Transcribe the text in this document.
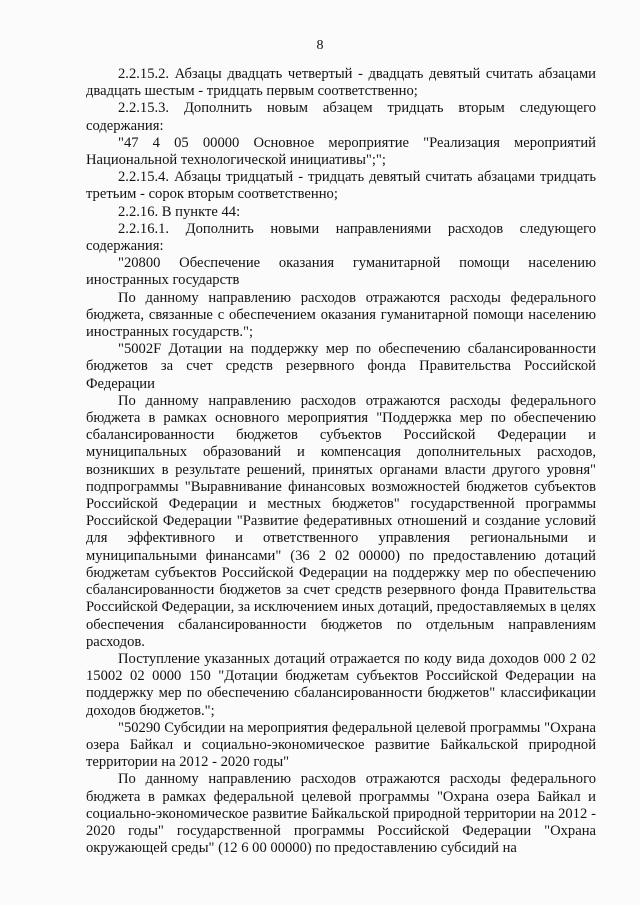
8

2.2.15.2. Абзацы двадцать четвертый - двадцать девятый считать абзацами двадцать шестым - тридцать первым соответственно;

2.2.15.3. Дополнить новым абзацем тридцать вторым следующего содержания:

"47 4 05 00000 Основное мероприятие "Реализация мероприятий Национальной технологической инициативы";";

2.2.15.4. Абзацы тридцатый - тридцать девятый считать абзацами тридцать третьим - сорок вторым соответственно;

2.2.16. В пункте 44:

2.2.16.1. Дополнить новыми направлениями расходов следующего содержания:

"20800 Обеспечение оказания гуманитарной помощи населению иностранных государств

По данному направлению расходов отражаются расходы федерального бюджета, связанные с обеспечением оказания гуманитарной помощи населению иностранных государств.";

"5002F Дотации на поддержку мер по обеспечению сбалансированности бюджетов за счет средств резервного фонда Правительства Российской Федерации

По данному направлению расходов отражаются расходы федерального бюджета в рамках основного мероприятия "Поддержка мер по обеспечению сбалансированности бюджетов субъектов Российской Федерации и муниципальных образований и компенсация дополнительных расходов, возникших в результате решений, принятых органами власти другого уровня" подпрограммы "Выравнивание финансовых возможностей бюджетов субъектов Российской Федерации и местных бюджетов" государственной программы Российской Федерации "Развитие федеративных отношений и создание условий для эффективного и ответственного управления региональными и муниципальными финансами" (36 2 02 00000) по предоставлению дотаций бюджетам субъектов Российской Федерации на поддержку мер по обеспечению сбалансированности бюджетов за счет средств резервного фонда Правительства Российской Федерации, за исключением иных дотаций, предоставляемых в целях обеспечения сбалансированности бюджетов по отдельным направлениям расходов.

Поступление указанных дотаций отражается по коду вида доходов 000 2 02 15002 02 0000 150 "Дотации бюджетам субъектов Российской Федерации на поддержку мер по обеспечению сбалансированности бюджетов" классификации доходов бюджетов.";

"50290 Субсидии на мероприятия федеральной целевой программы "Охрана озера Байкал и социально-экономическое развитие Байкальской природной территории на 2012 - 2020 годы"

По данному направлению расходов отражаются расходы федерального бюджета в рамках федеральной целевой программы "Охрана озера Байкал и социально-экономическое развитие Байкальской природной территории на 2012 - 2020 годы" государственной программы Российской Федерации "Охрана окружающей среды" (12 6 00 00000) по предоставлению субсидий на
